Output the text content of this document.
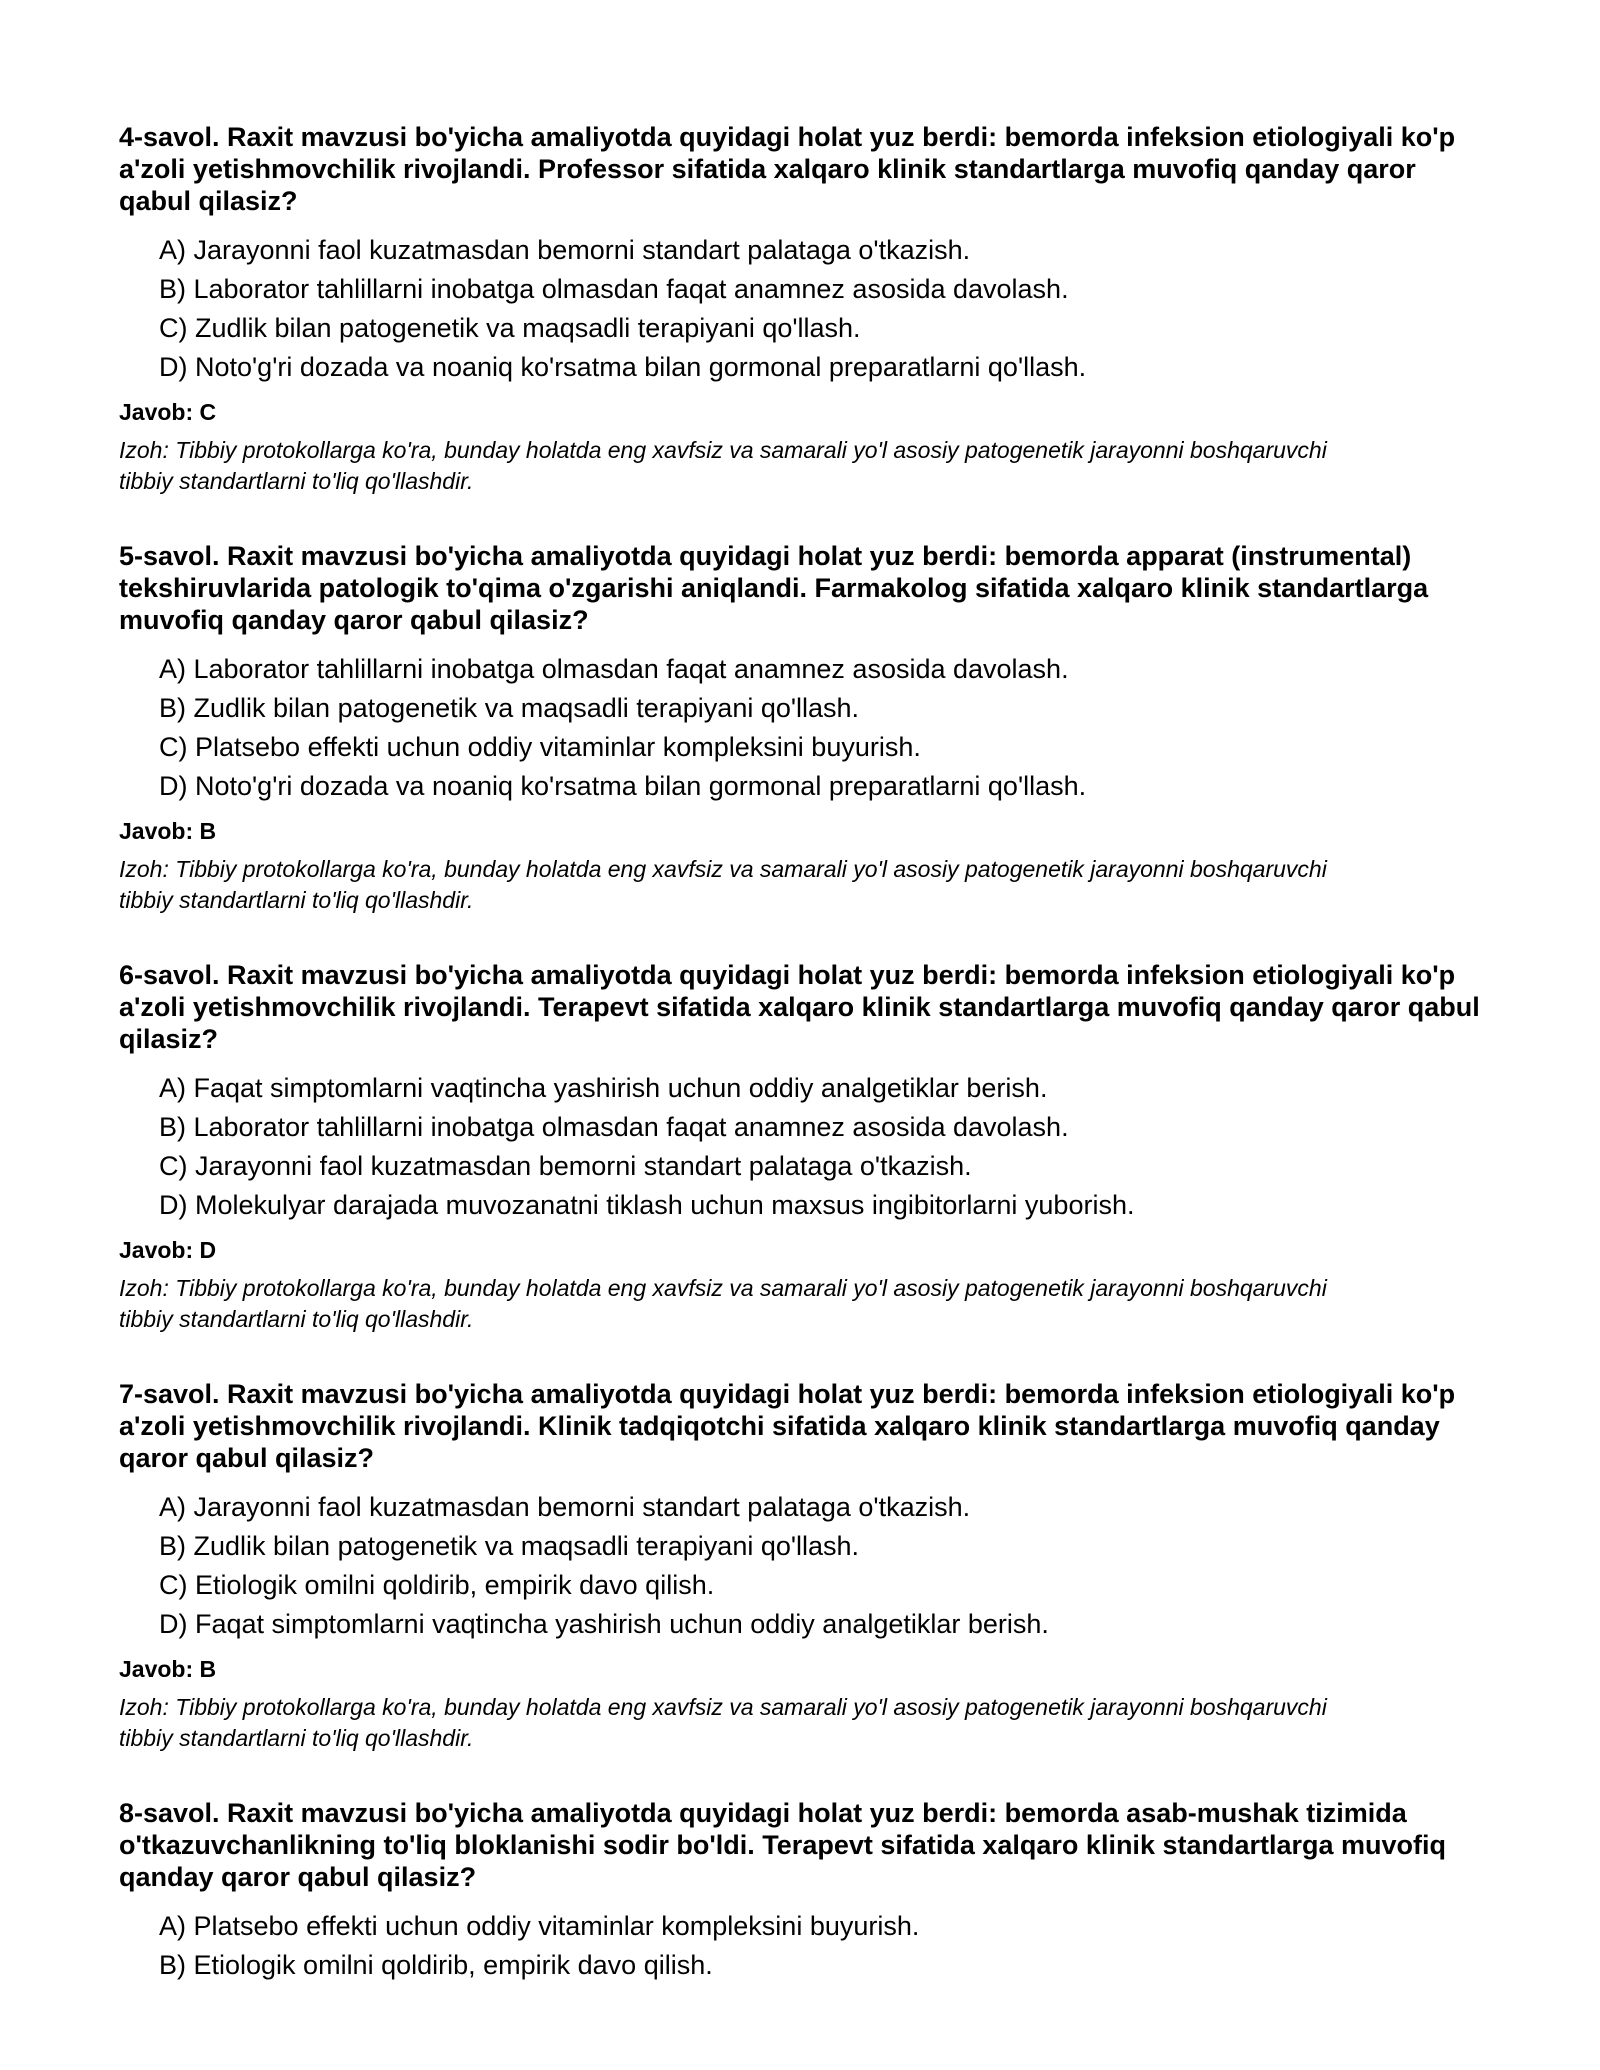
4-savol. Raxit mavzusi bo'yicha amaliyotda quyidagi holat yuz berdi: bemorda infeksion etiologiyali ko'p a'zoli yetishmovchilik rivojlandi. Professor sifatida xalqaro klinik standartlarga muvofiq qanday qaror qabul qilasiz?

A) Jarayonni faol kuzatmasdan bemorni standart palataga o'tkazish.
B) Laborator tahlillarni inobatga olmasdan faqat anamnez asosida davolash.
C) Zudlik bilan patogenetik va maqsadli terapiyani qo'llash.
D) Noto'g'ri dozada va noaniq ko'rsatma bilan gormonal preparatlarni qo'llash.

Javob: C

Izoh: Tibbiy protokollarga ko'ra, bunday holatda eng xavfsiz va samarali yo'l asosiy patogenetik jarayonni boshqaruvchi tibbiy standartlarni to'liq qo'llashdir.

5-savol. Raxit mavzusi bo'yicha amaliyotda quyidagi holat yuz berdi: bemorda apparat (instrumental) tekshiruvlarida patologik to'qima o'zgarishi aniqlandi. Farmakolog sifatida xalqaro klinik standartlarga muvofiq qanday qaror qabul qilasiz?

A) Laborator tahlillarni inobatga olmasdan faqat anamnez asosida davolash.
B) Zudlik bilan patogenetik va maqsadli terapiyani qo'llash.
C) Platsebo effekti uchun oddiy vitaminlar kompleksini buyurish.
D) Noto'g'ri dozada va noaniq ko'rsatma bilan gormonal preparatlarni qo'llash.

Javob: B

Izoh: Tibbiy protokollarga ko'ra, bunday holatda eng xavfsiz va samarali yo'l asosiy patogenetik jarayonni boshqaruvchi tibbiy standartlarni to'liq qo'llashdir.

6-savol. Raxit mavzusi bo'yicha amaliyotda quyidagi holat yuz berdi: bemorda infeksion etiologiyali ko'p a'zoli yetishmovchilik rivojlandi. Terapevt sifatida xalqaro klinik standartlarga muvofiq qanday qaror qabul qilasiz?

A) Faqat simptomlarni vaqtincha yashirish uchun oddiy analgetiklar berish.
B) Laborator tahlillarni inobatga olmasdan faqat anamnez asosida davolash.
C) Jarayonni faol kuzatmasdan bemorni standart palataga o'tkazish.
D) Molekulyar darajada muvozanatni tiklash uchun maxsus ingibitorlarni yuborish.

Javob: D

Izoh: Tibbiy protokollarga ko'ra, bunday holatda eng xavfsiz va samarali yo'l asosiy patogenetik jarayonni boshqaruvchi tibbiy standartlarni to'liq qo'llashdir.

7-savol. Raxit mavzusi bo'yicha amaliyotda quyidagi holat yuz berdi: bemorda infeksion etiologiyali ko'p a'zoli yetishmovchilik rivojlandi. Klinik tadqiqotchi sifatida xalqaro klinik standartlarga muvofiq qanday qaror qabul qilasiz?

A) Jarayonni faol kuzatmasdan bemorni standart palataga o'tkazish.
B) Zudlik bilan patogenetik va maqsadli terapiyani qo'llash.
C) Etiologik omilni qoldirib, empirik davo qilish.
D) Faqat simptomlarni vaqtincha yashirish uchun oddiy analgetiklar berish.

Javob: B

Izoh: Tibbiy protokollarga ko'ra, bunday holatda eng xavfsiz va samarali yo'l asosiy patogenetik jarayonni boshqaruvchi tibbiy standartlarni to'liq qo'llashdir.

8-savol. Raxit mavzusi bo'yicha amaliyotda quyidagi holat yuz berdi: bemorda asab-mushak tizimida o'tkazuvchanlikning to'liq bloklanishi sodir bo'ldi. Terapevt sifatida xalqaro klinik standartlarga muvofiq qanday qaror qabul qilasiz?

A) Platsebo effekti uchun oddiy vitaminlar kompleksini buyurish.
B) Etiologik omilni qoldirib, empirik davo qilish.
